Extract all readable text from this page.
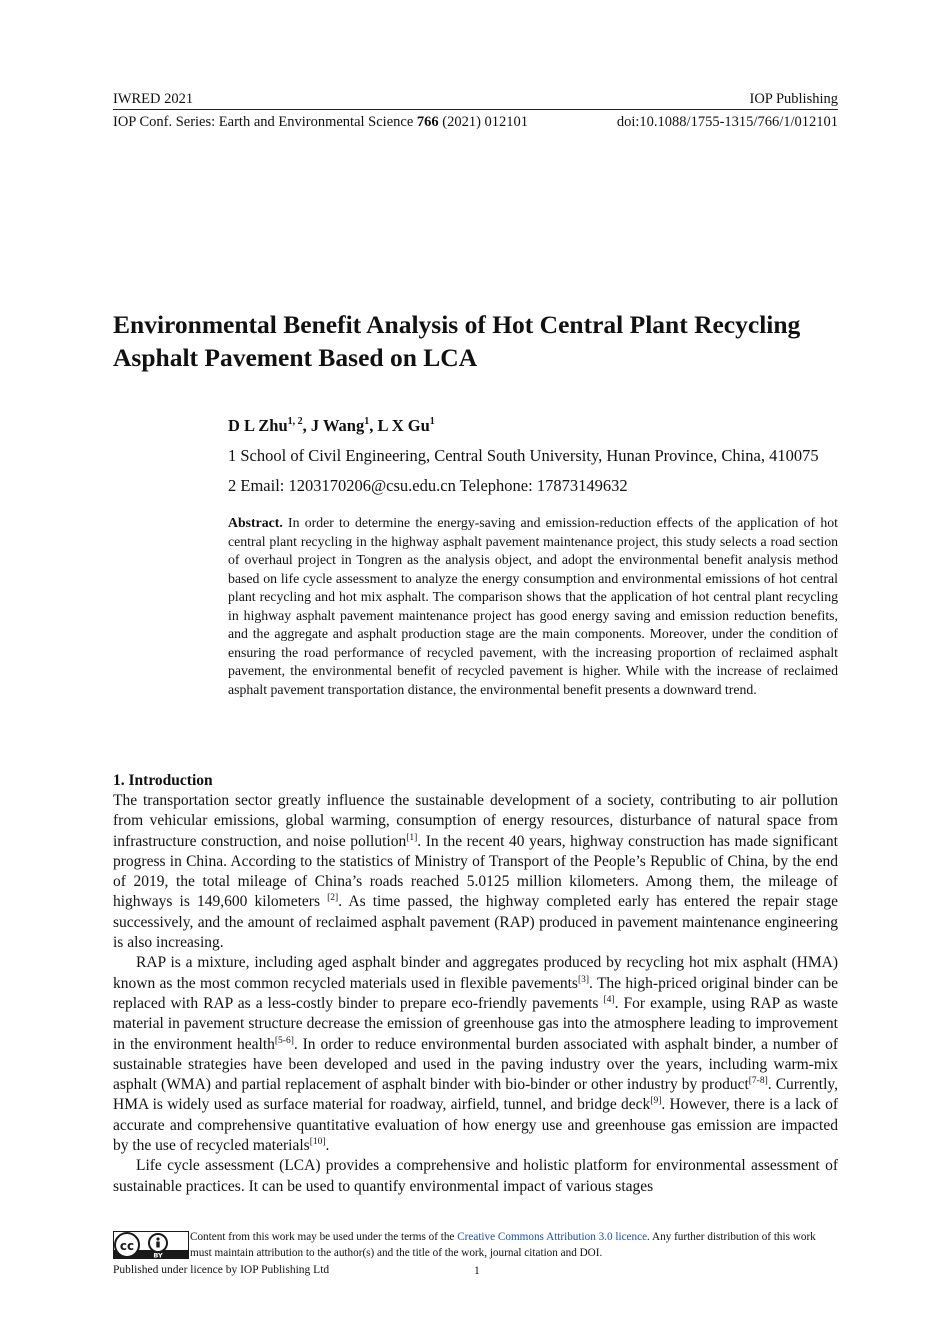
IWRED 2021	IOP Publishing
IOP Conf. Series: Earth and Environmental Science 766 (2021) 012101	doi:10.1088/1755-1315/766/1/012101
Environmental Benefit Analysis of Hot Central Plant Recycling Asphalt Pavement Based on LCA
D L Zhu$^{1, 2}$, J Wang$^1$, L X Gu$^1$
1 School of Civil Engineering, Central South University, Hunan Province, China, 410075
2 Email: 1203170206@csu.edu.cn Telephone: 17873149632
Abstract. In order to determine the energy-saving and emission-reduction effects of the application of hot central plant recycling in the highway asphalt pavement maintenance project, this study selects a road section of overhaul project in Tongren as the analysis object, and adopt the environmental benefit analysis method based on life cycle assessment to analyze the energy consumption and environmental emissions of hot central plant recycling and hot mix asphalt. The comparison shows that the application of hot central plant recycling in highway asphalt pavement maintenance project has good energy saving and emission reduction benefits, and the aggregate and asphalt production stage are the main components. Moreover, under the condition of ensuring the road performance of recycled pavement, with the increasing proportion of reclaimed asphalt pavement, the environmental benefit of recycled pavement is higher. While with the increase of reclaimed asphalt pavement transportation distance, the environmental benefit presents a downward trend.
1. Introduction

The transportation sector greatly influence the sustainable development of a society, contributing to air pollution from vehicular emissions, global warming, consumption of energy resources, disturbance of natural space from infrastructure construction, and noise pollution[1]. In the recent 40 years, highway construction has made significant progress in China. According to the statistics of Ministry of Transport of the People’s Republic of China, by the end of 2019, the total mileage of China’s roads reached 5.0125 million kilometers. Among them, the mileage of highways is 149,600 kilometers [2]. As time passed, the highway completed early has entered the repair stage successively, and the amount of reclaimed asphalt pavement (RAP) produced in pavement maintenance engineering is also increasing.

RAP is a mixture, including aged asphalt binder and aggregates produced by recycling hot mix asphalt (HMA) known as the most common recycled materials used in flexible pavements[3]. The high-priced original binder can be replaced with RAP as a less-costly binder to prepare eco-friendly pavements [4]. For example, using RAP as waste material in pavement structure decrease the emission of greenhouse gas into the atmosphere leading to improvement in the environment health[5-6]. In order to reduce environmental burden associated with asphalt binder, a number of sustainable strategies have been developed and used in the paving industry over the years, including warm-mix asphalt (WMA) and partial replacement of asphalt binder with bio-binder or other industry by product[7-8]. Currently, HMA is widely used as surface material for roadway, airfield, tunnel, and bridge deck[9]. However, there is a lack of accurate and comprehensive quantitative evaluation of how energy use and greenhouse gas emission are impacted by the use of recycled materials[10].

Life cycle assessment (LCA) provides a comprehensive and holistic platform for environmental assessment of sustainable practices. It can be used to quantify environmental impact of various stages

cc
BY
Content from this work may be used under the terms of the Creative Commons Attribution 3.0 licence. Any further distribution of this work must maintain attribution to the author(s) and the title of the work, journal citation and DOI.
Published under licence by IOP Publishing Ltd	1
